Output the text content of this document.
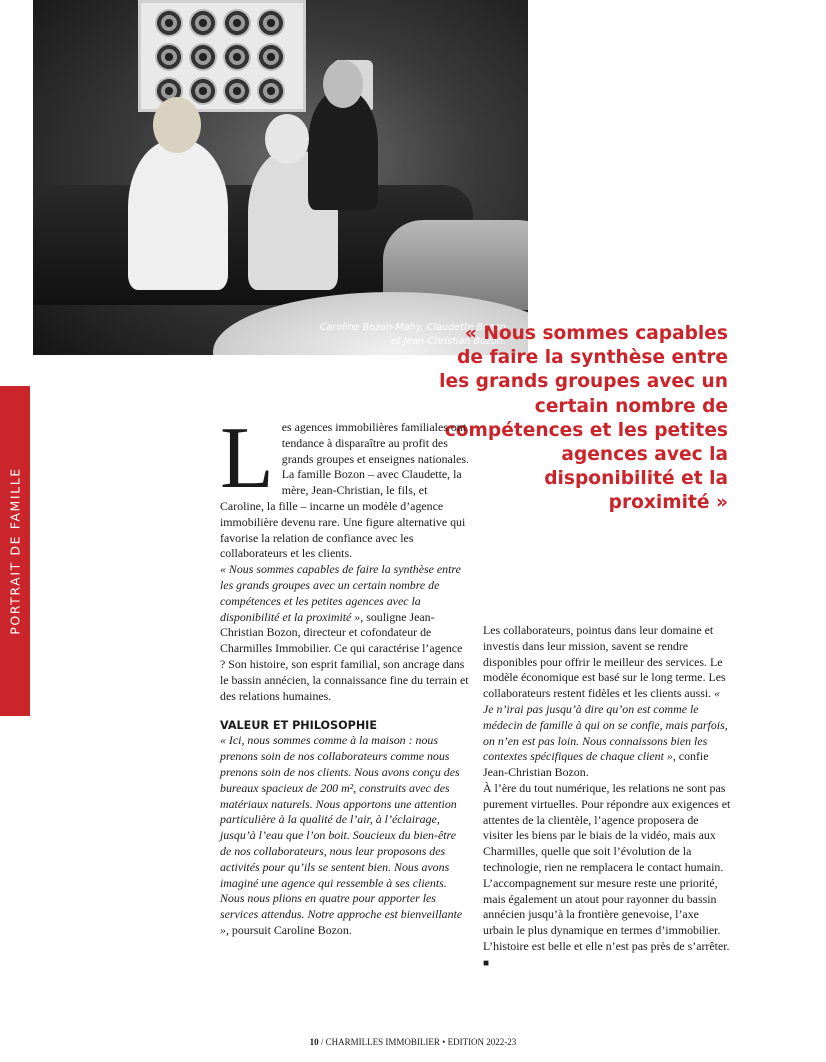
Caroline Bozon-Mahy, Claudette Bozon
et Jean-Christian Bozon.
PORTRAIT DE FAMILLE
« Nous sommes capables de faire la synthèse entre les grands groupes avec un certain nombre de compétences et les petites agences avec la disponibilité et la proximité »

Les agences immobilières familiales ont tendance à disparaître au profit des grands groupes et enseignes nationales. La famille Bozon – avec Claudette, la mère, Jean-Christian, le fils, et Caroline, la fille – incarne un modèle d’agence immobilière devenu rare. Une figure alternative qui favorise la relation de confiance avec les collaborateurs et les clients.

« Nous sommes capables de faire la synthèse entre les grands groupes avec un certain nombre de compétences et les petites agences avec la disponibilité et la proximité », souligne Jean-Christian Bozon, directeur et cofondateur de Charmilles Immobilier. Ce qui caractérise l’agence ? Son histoire, son esprit familial, son ancrage dans le bassin annécien, la connaissance fine du terrain et des relations humaines.

VALEUR ET PHILOSOPHIE

« Ici, nous sommes comme à la maison : nous prenons soin de nos collaborateurs comme nous prenons soin de nos clients. Nous avons conçu des bureaux spacieux de 200 m², construits avec des matériaux naturels. Nous apportons une attention particulière à la qualité de l’air, à l’éclairage, jusqu’à l’eau que l’on boit. Soucieux du bien-être de nos collaborateurs, nous leur proposons des activités pour qu’ils se sentent bien. Nous avons imaginé une agence qui ressemble à ses clients. Nous nous plions en quatre pour apporter les services attendus. Notre approche est bienveillante », poursuit Caroline Bozon.

Les collaborateurs, pointus dans leur domaine et investis dans leur mission, savent se rendre disponibles pour offrir le meilleur des services. Le modèle économique est basé sur le long terme. Les collaborateurs restent fidèles et les clients aussi. « Je n’irai pas jusqu’à dire qu’on est comme le médecin de famille à qui on se confie, mais parfois, on n’en est pas loin. Nous connaissons bien les contextes spécifiques de chaque client », confie Jean-Christian Bozon.

À l’ère du tout numérique, les relations ne sont pas purement virtuelles. Pour répondre aux exigences et attentes de la clientèle, l’agence proposera de visiter les biens par le biais de la vidéo, mais aux Charmilles, quelle que soit l’évolution de la technologie, rien ne remplacera le contact humain. L’accompagnement sur mesure reste une priorité, mais également un atout pour rayonner du bassin annécien jusqu’à la frontière genevoise, l’axe urbain le plus dynamique en termes d’immobilier. L’histoire est belle et elle n’est pas près de s’arrêter. ■

10 / CHARMILLES IMMOBILIER • EDITION 2022-23
